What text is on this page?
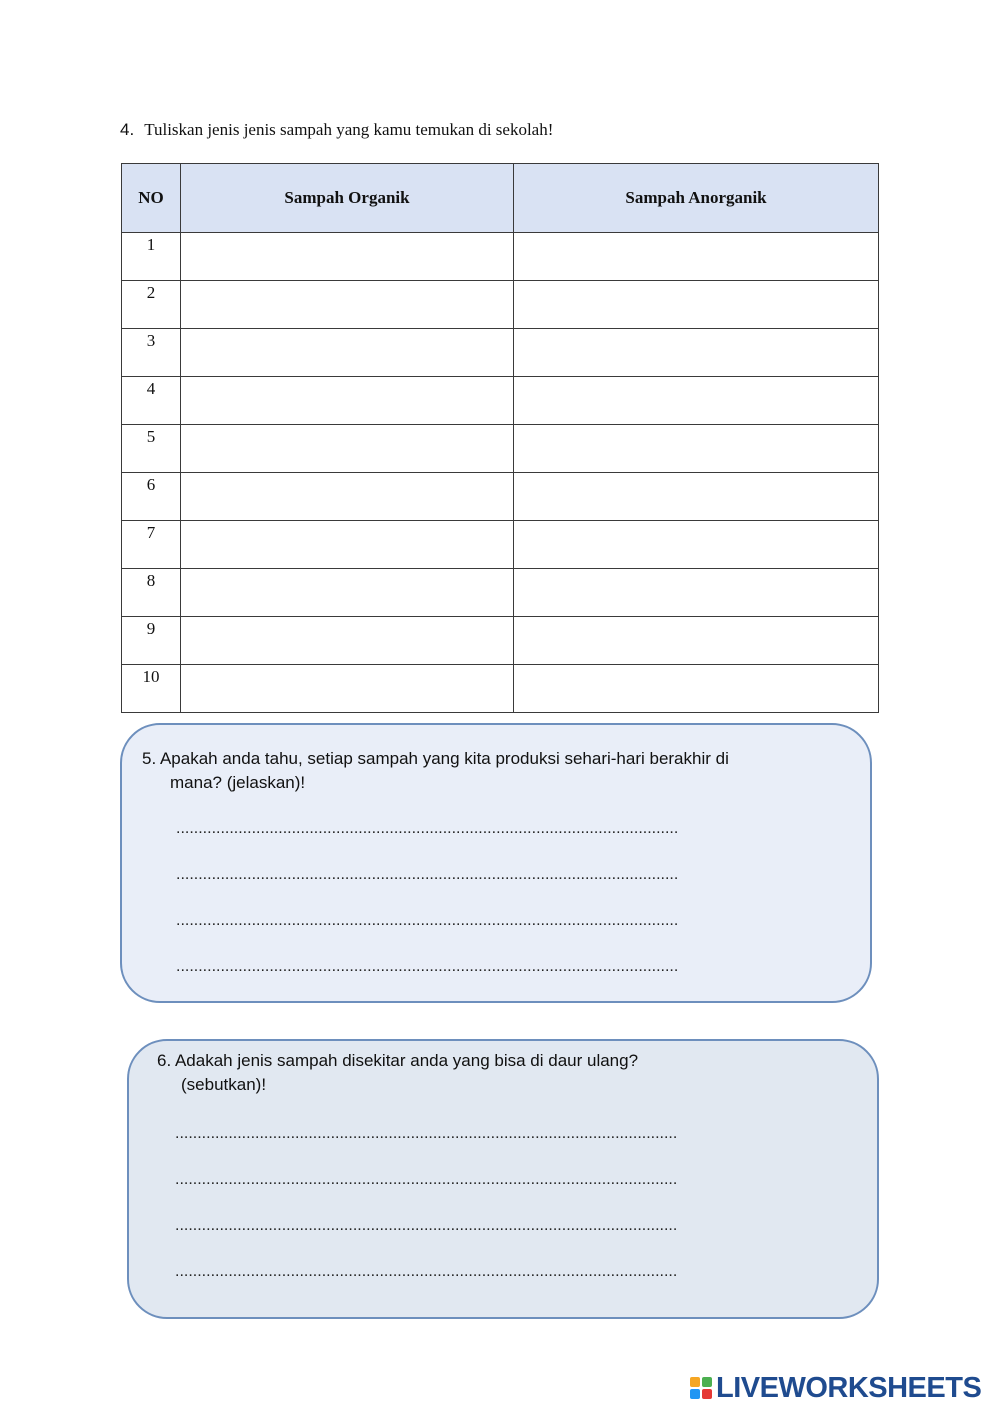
4. Tuliskan jenis jenis sampah yang kamu temukan di sekolah!
NO	Sampah Organik	Sampah Anorganik
1		
2		
3		
4		
5		
6		
7		
8		
9		
10		
5. Apakah anda tahu, setiap sampah yang kita produksi sehari-hari berakhir di
mana? (jelaskan)!
.................................................................................................................
.................................................................................................................
.................................................................................................................
.................................................................................................................
6. Adakah jenis sampah disekitar anda yang bisa di daur ulang?
(sebutkan)!
.................................................................................................................
.................................................................................................................
.................................................................................................................
.................................................................................................................
LIVEWORKSHEETS
